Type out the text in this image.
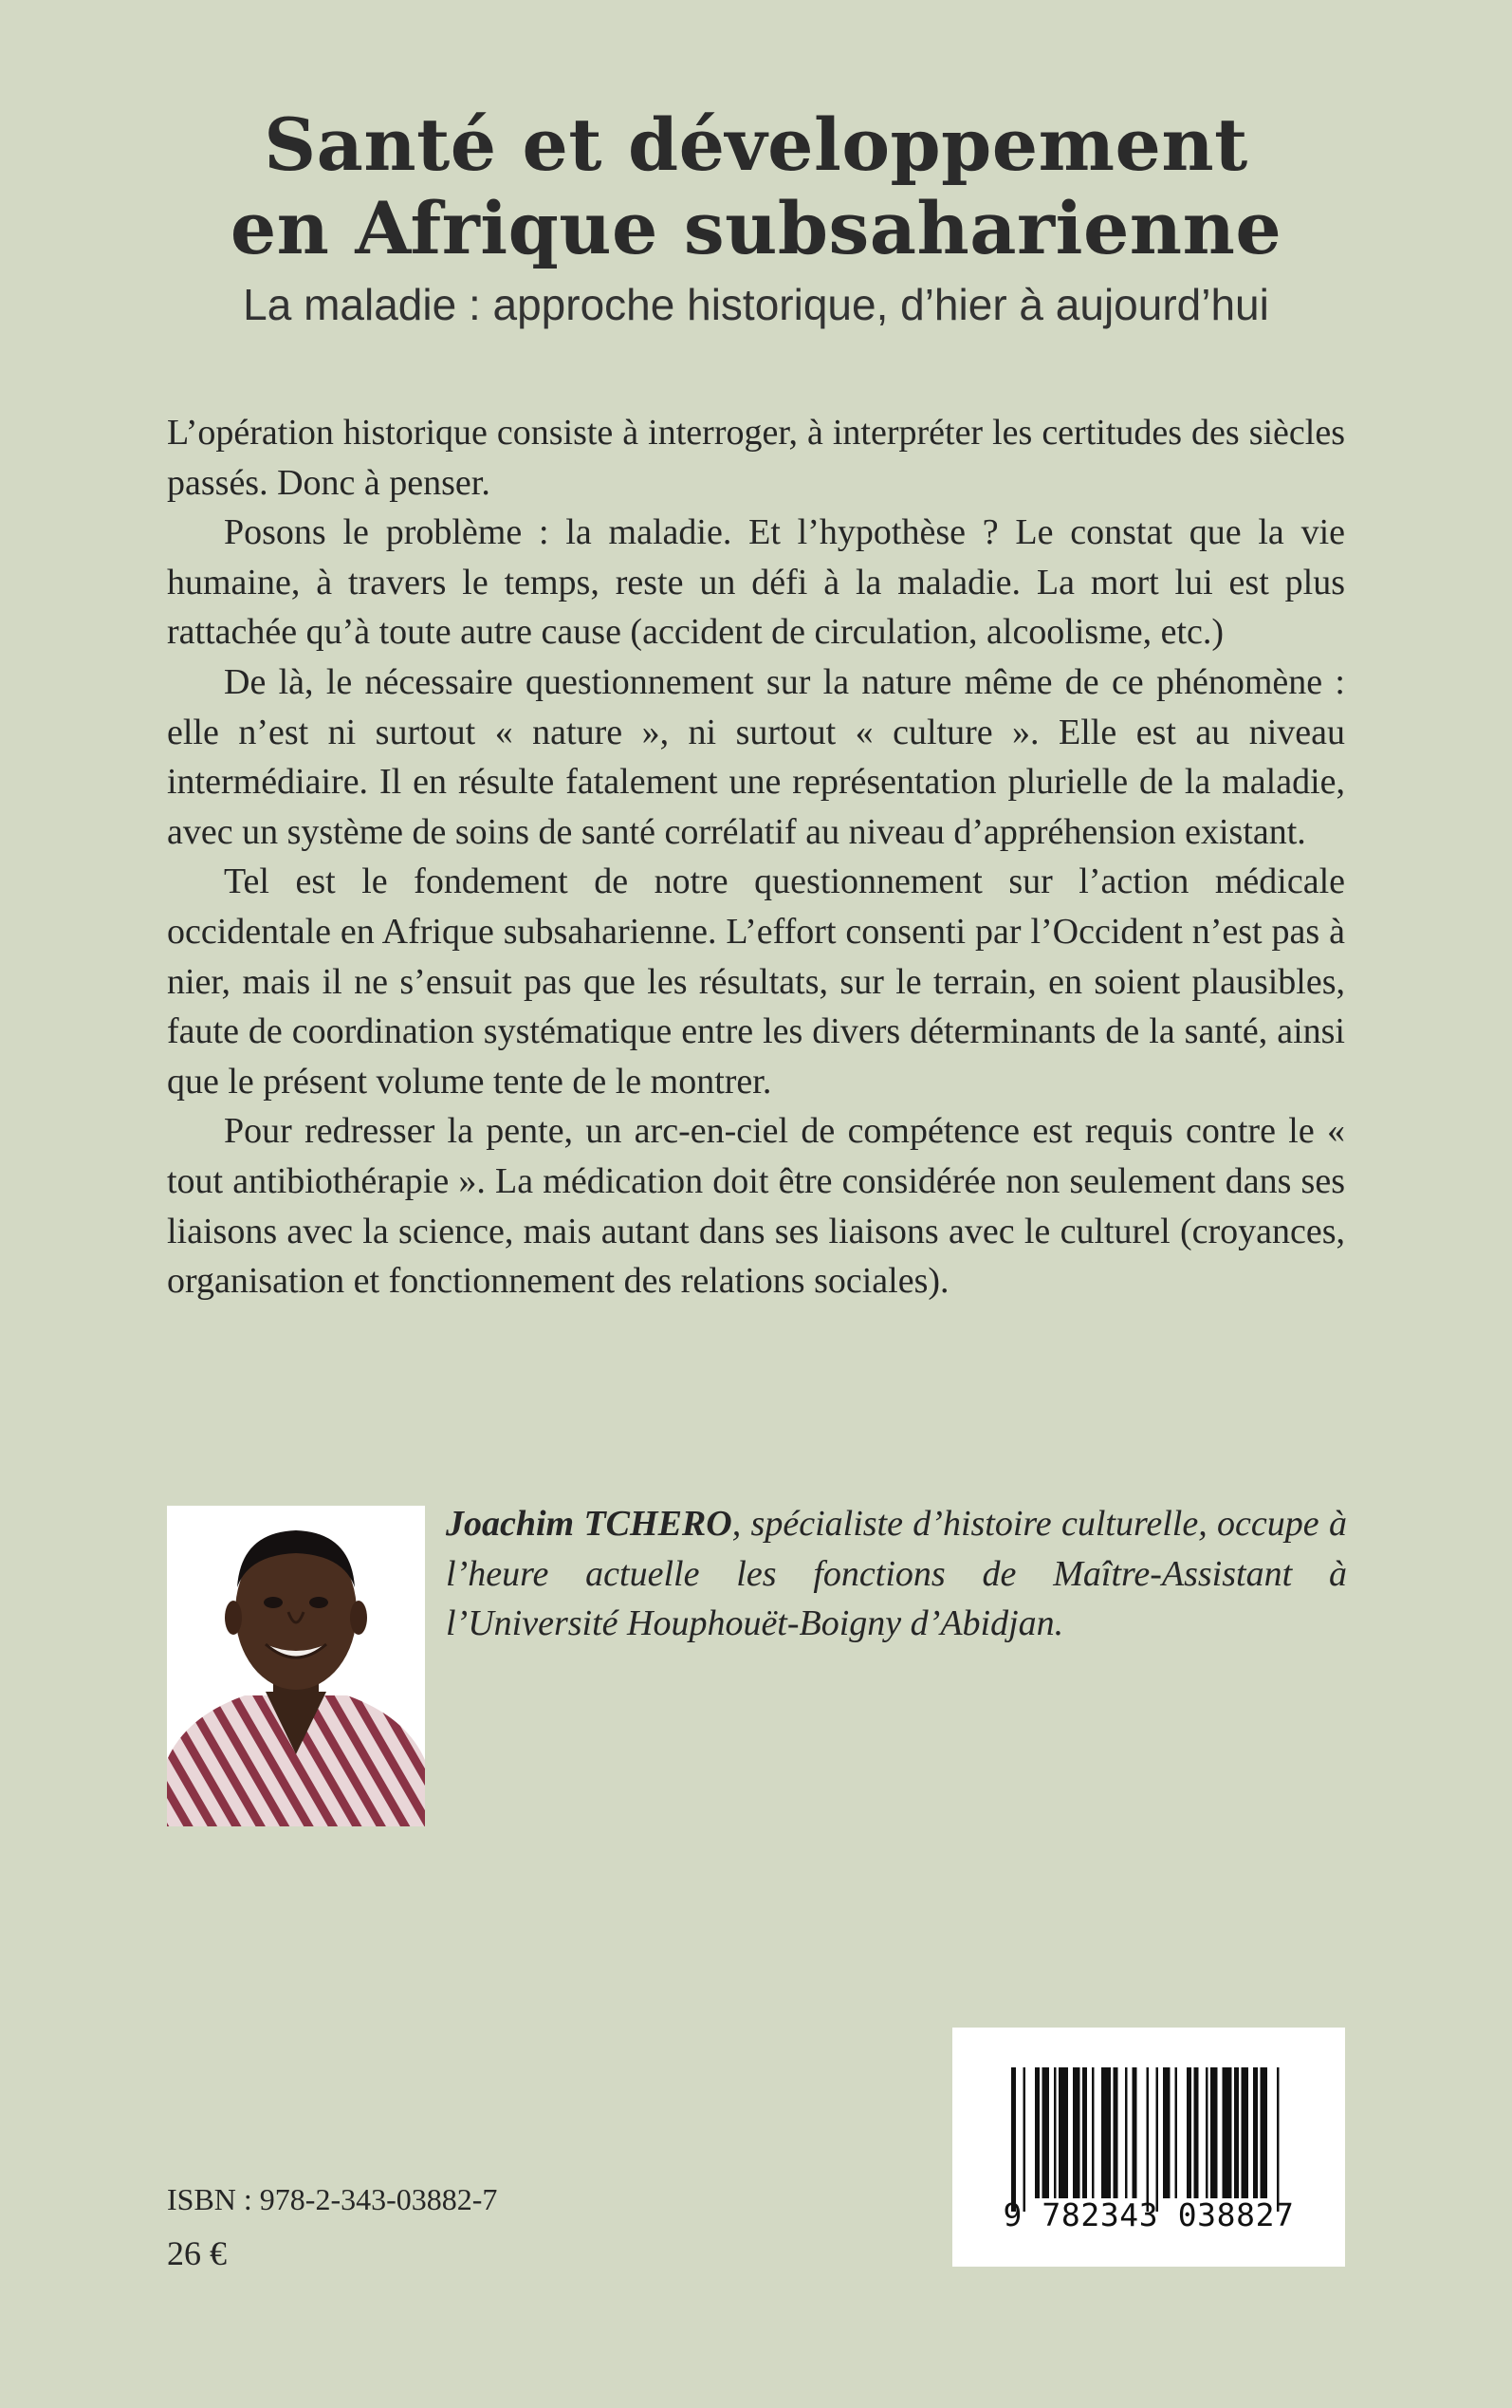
Santé et développement
en Afrique subsaharienne
La maladie : approche historique, d’hier à aujourd’hui

L’opération historique consiste à interroger, à interpréter les certitudes des siècles passés. Donc à penser.

Posons le problème : la maladie. Et l’hypothèse ? Le constat que la vie humaine, à travers le temps, reste un défi à la maladie. La mort lui est plus rattachée qu’à toute autre cause (accident de circulation, alcoolisme, etc.)

De là, le nécessaire questionnement sur la nature même de ce phénomène : elle n’est ni surtout « nature », ni surtout « culture ». Elle est au niveau intermédiaire. Il en résulte fatalement une représentation plurielle de la maladie, avec un système de soins de santé corrélatif au niveau d’appréhension existant.

Tel est le fondement de notre questionnement sur l’action médicale occidentale en Afrique subsaharienne. L’effort consenti par l’Occident n’est pas à nier, mais il ne s’ensuit pas que les résultats, sur le terrain, en soient plausibles, faute de coordination systématique entre les divers déterminants de la santé, ainsi que le présent volume tente de le montrer.

Pour redresser la pente, un arc-en-ciel de compétence est requis contre le « tout antibiothérapie ». La médication doit être considérée non seulement dans ses liaisons avec la science, mais autant dans ses liaisons avec le culturel (croyances, organisation et fonctionnement des relations sociales).

Joachim TCHERO, spécialiste d’histoire culturelle, occupe à l’heure actuelle les fonctions de Maître-Assistant à l’Université Houphouët-Boigny d’Abidjan.
ISBN : 978-2-343-03882-7
26 €
9 782343 038827
